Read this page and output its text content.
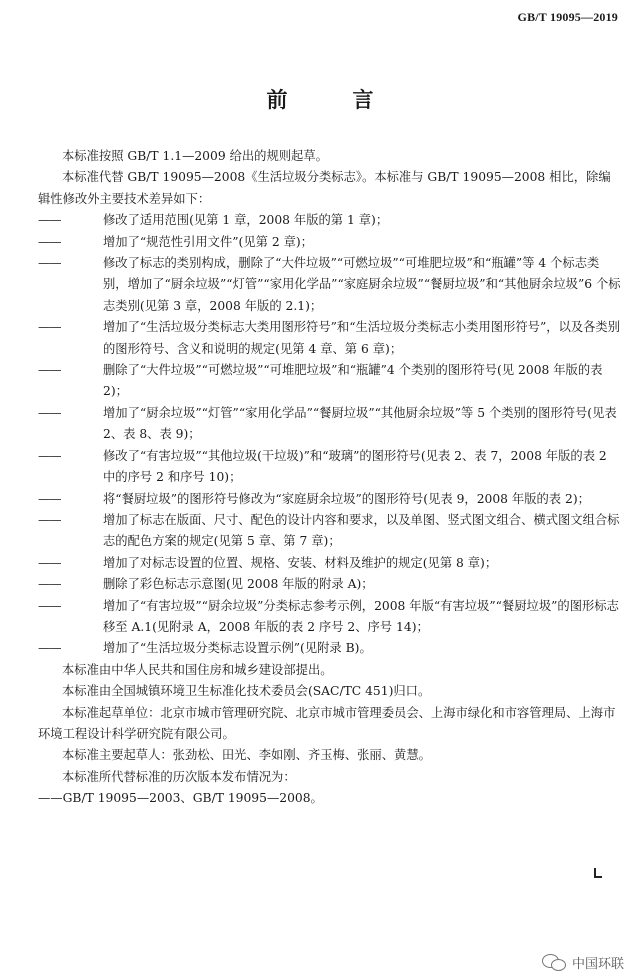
GB/T 19095—2019
前　言

本标准按照 GB/T 1.1—2009 给出的规则起草。

本标准代替 GB/T 19095—2008《生活垃圾分类标志》。本标准与 GB/T 19095—2008 相比，除编辑性修改外主要技术差异如下：

——	修改了适用范围(见第 1 章，2008 年版的第 1 章)；

——	增加了“规范性引用文件”(见第 2 章)；

——	修改了标志的类别构成，删除了“大件垃圾”“可燃垃圾”“可堆肥垃圾”和“瓶罐”等 4 个标志类别，增加了“厨余垃圾”“灯管”“家用化学品”“家庭厨余垃圾”“餐厨垃圾”和“其他厨余垃圾”6 个标志类别(见第 3 章，2008 年版的 2.1)；

——	增加了“生活垃圾分类标志大类用图形符号”和“生活垃圾分类标志小类用图形符号”，以及各类别的图形符号、含义和说明的规定(见第 4 章、第 6 章)；

——	删除了“大件垃圾”“可燃垃圾”“可堆肥垃圾”和“瓶罐”4 个类别的图形符号(见 2008 年版的表 2)；

——	增加了“厨余垃圾”“灯管”“家用化学品”“餐厨垃圾”“其他厨余垃圾”等 5 个类别的图形符号(见表 2、表 8、表 9)；

——	修改了“有害垃圾”“其他垃圾(干垃圾)”和“玻璃”的图形符号(见表 2、表 7，2008 年版的表 2 中的序号 2 和序号 10)；

——	将“餐厨垃圾”的图形符号修改为“家庭厨余垃圾”的图形符号(见表 9，2008 年版的表 2)；

——	增加了标志在版面、尺寸、配色的设计内容和要求，以及单图、竖式图文组合、横式图文组合标志的配色方案的规定(见第 5 章、第 7 章)；

——	增加了对标志设置的位置、规格、安装、材料及维护的规定(见第 8 章)；

——	删除了彩色标志示意图(见 2008 年版的附录 A)；

——	增加了“有害垃圾”“厨余垃圾”分类标志参考示例，2008 年版“有害垃圾”“餐厨垃圾”的图形标志移至 A.1(见附录 A，2008 年版的表 2 序号 2、序号 14)；

——	增加了“生活垃圾分类标志设置示例”(见附录 B)。

本标准由中华人民共和国住房和城乡建设部提出。

本标准由全国城镇环境卫生标准化技术委员会(SAC/TC 451)归口。

本标准起草单位：北京市城市管理研究院、北京市城市管理委员会、上海市绿化和市容管理局、上海市环境工程设计科学研究院有限公司。

本标准主要起草人：张劲松、田光、李如刚、齐玉梅、张丽、黄慧。

本标准所代替标准的历次版本发布情况为：

——GB/T 19095—2003、GB/T 19095—2008。

中国环联
